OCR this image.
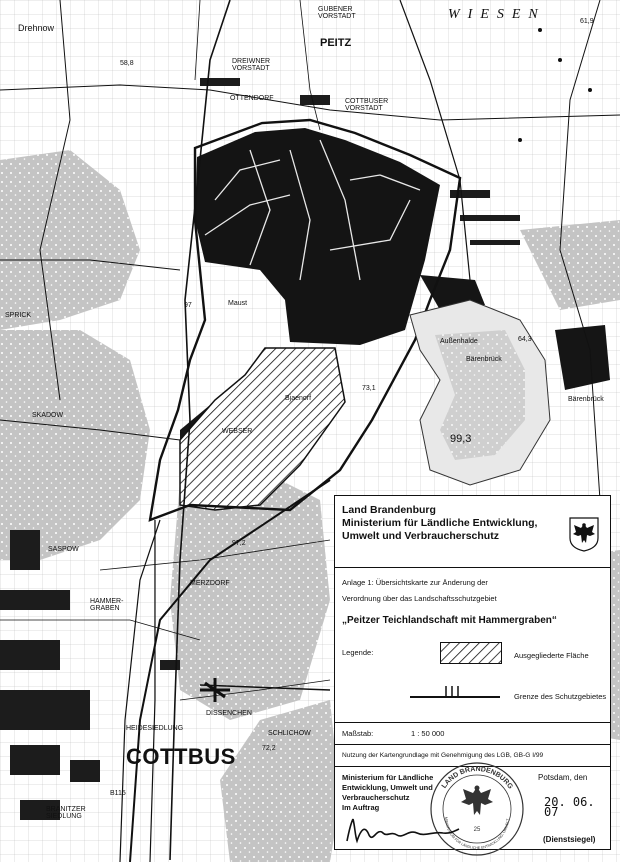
Drehnow
GUBENER
VORSTADT	WIESEN
PEITZ
DREIWNER
VORSTADT
OTTENDORF	COTTBUSER
VORSTADT
Maust
SPRICK
SKADOW
SASPOW
MERZDORF
HAMMER-
GRABEN
HEIDESIEDLUNG
DISSENCHEN
SCHLICHOW
COTTBUS
BRANITZER
SIEDLUNG
Außenhalde
Bärenbrück
Bärenbrück
Bjaenorf
WEBSER
97
99,3
64,3
61,9
97,2
72,2
73,1
58,8
B115
Land Brandenburg
Ministerium für Ländliche Entwicklung,
Umwelt und Verbraucherschutz
Anlage 1: Übersichtskarte zur Änderung der
Verordnung über das Landschaftsschutzgebiet
„Peitzer Teichlandschaft mit Hammergraben“
Legende:	Ausgegliederte Fläche
Grenze des Schutzgebietes
Maßstab:	1 : 50 000
Nutzung der Kartengrundlage mit Genehmigung des LGB, GB-G I/99
Ministerium für Ländliche
Entwicklung, Umwelt und
Verbraucherschutz
Im Auftrag
Potsdam, den
20. 06. 07
(Dienstsiegel)
LAND BRANDENBURG
MINISTERIUM FÜR LÄNDLICHE ENTWICKLUNG, UMWELT
25
